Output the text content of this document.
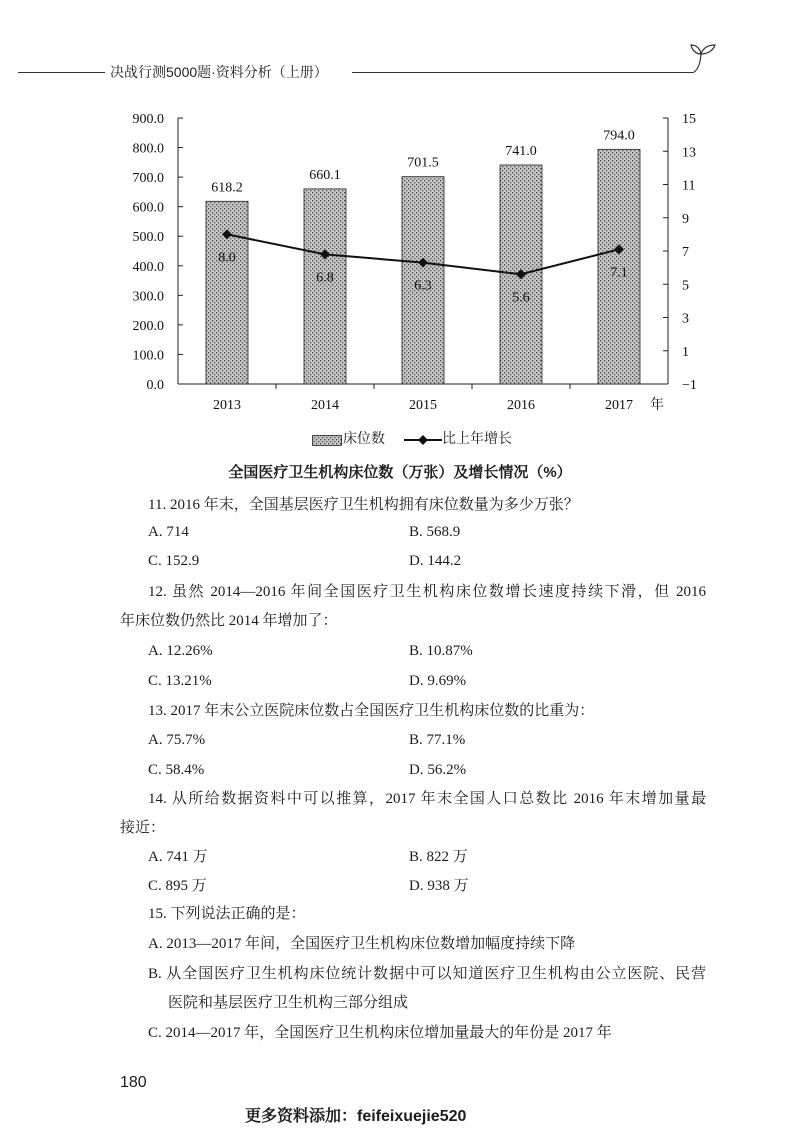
决战行测5000题·资料分析（上册）
0.0
100.0
200.0
300.0
400.0
500.0
600.0
700.0
800.0
900.0
−1
1
3
5
7
9
11
13
15
2013	2014	2015	2016	2017 年
618.2
660.1
701.5
741.0
794.0
8.0
6.8
6.3
5.6
7.1
床位数	比上年增长
全国医疗卫生机构床位数（万张）及增长情况（%）
11. 2016 年末，全国基层医疗卫生机构拥有床位数量为多少万张？
A. 714	B. 568.9
C. 152.9	D. 144.2
12. 虽然 2014—2016 年间全国医疗卫生机构床位数增长速度持续下滑，但 2016
年床位数仍然比 2014 年增加了：
A. 12.26%	B. 10.87%
C. 13.21%	D. 9.69%
13. 2017 年末公立医院床位数占全国医疗卫生机构床位数的比重为：
A. 75.7%	B. 77.1%
C. 58.4%	D. 56.2%
14. 从所给数据资料中可以推算，2017 年末全国人口总数比 2016 年末增加量最
接近：
A. 741 万	B. 822 万
C. 895 万	D. 938 万
15. 下列说法正确的是：
A. 2013—2017 年间，全国医疗卫生机构床位数增加幅度持续下降
B. 从全国医疗卫生机构床位统计数据中可以知道医疗卫生机构由公立医院、民营
医院和基层医疗卫生机构三部分组成
C. 2014—2017 年，全国医疗卫生机构床位增加量最大的年份是 2017 年
180
更多资料添加：feifeixuejie520
